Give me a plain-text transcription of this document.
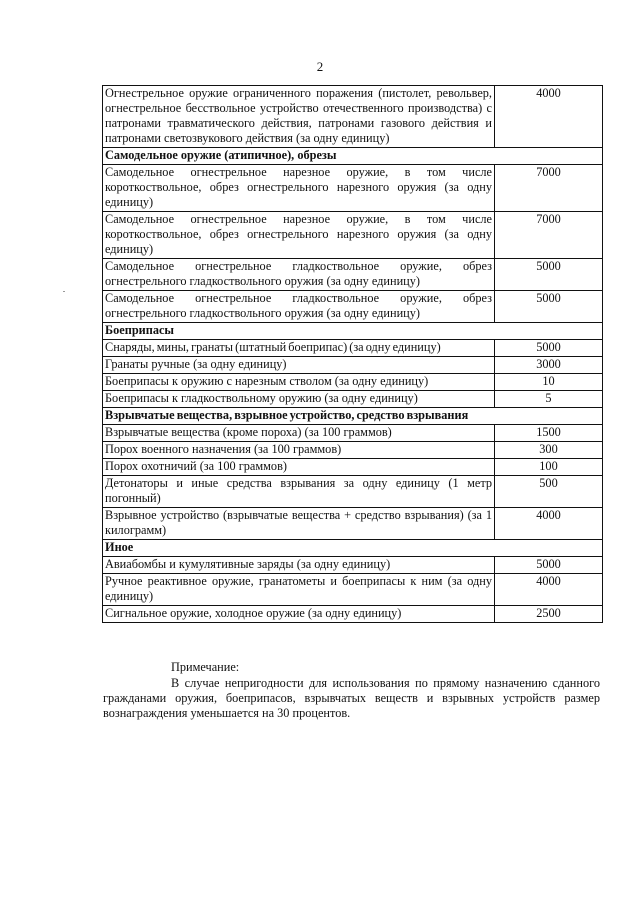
2
Огнестрельное оружие ограниченного поражения (пистолет, револьвер, огнестрельное бесствольное устройство отечественного производства) с патронами травматического действия, патронами газового действия и патронами светозвукового действия (за одну единицу)	4000
Самодельное оружие (атипичное), обрезы	
Самодельное огнестрельное нарезное оружие, в том числе короткоствольное, обрез огнестрельного нарезного оружия (за одну единицу)	7000
Самодельное огнестрельное нарезное оружие, в том числе короткоствольное, обрез огнестрельного нарезного оружия (за одну единицу)	7000
Самодельное огнестрельное гладкоствольное оружие, обрез огнестрельного гладкоствольного оружия (за одну единицу)	5000
Самодельное огнестрельное гладкоствольное оружие, обрез огнестрельного гладкоствольного оружия (за одну единицу)	5000
Боеприпасы	
Снаряды, мины, гранаты (штатный боеприпас) (за одну единицу)	5000
Гранаты ручные (за одну единицу)	3000
Боеприпасы к оружию с нарезным стволом (за одну единицу)	10
Боеприпасы к гладкоствольному оружию (за одну единицу)	5
Взрывчатые вещества, взрывное устройство, средство взрывания	
Взрывчатые вещества (кроме пороха) (за 100 граммов)	1500
Порох военного назначения (за 100 граммов)	300
Порох охотничий (за 100 граммов)	100
Детонаторы и иные средства взрывания за одну единицу (1 метр погонный)	500
Взрывное устройство (взрывчатые вещества + средство взрывания) (за 1 килограмм)	4000
Иное	
Авиабомбы и кумулятивные заряды (за одну единицу)	5000
Ручное реактивное оружие, гранатометы и боеприпасы к ним (за одну единицу)	4000
Сигнальное оружие, холодное оружие (за одну единицу)	2500

Примечание:

В случае непригодности для использования по прямому назначению сданного гражданами оружия, боеприпасов, взрывчатых веществ и взрывных устройств размер вознаграждения уменьшается на 30 процентов.
